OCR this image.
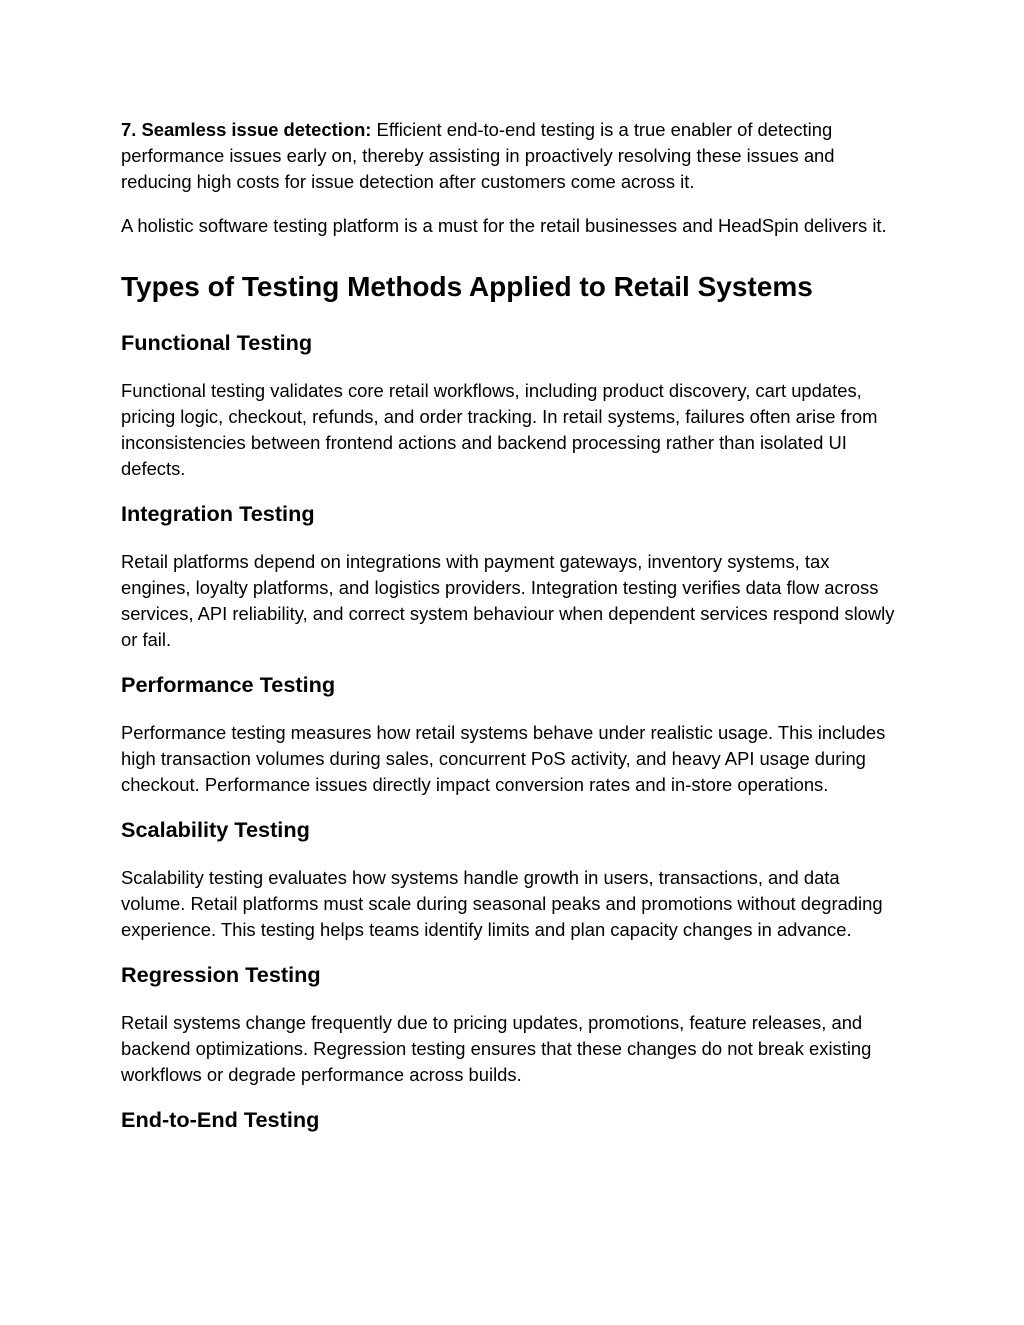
7. Seamless issue detection: Efficient end-to-end testing is a true enabler of detecting performance issues early on, thereby assisting in proactively resolving these issues and reducing high costs for issue detection after customers come across it.

A holistic software testing platform is a must for the retail businesses and HeadSpin delivers it.

Types of Testing Methods Applied to Retail Systems
Functional Testing

Functional testing validates core retail workflows, including product discovery, cart updates, pricing logic, checkout, refunds, and order tracking. In retail systems, failures often arise from inconsistencies between frontend actions and backend processing rather than isolated UI defects.

Integration Testing

Retail platforms depend on integrations with payment gateways, inventory systems, tax engines, loyalty platforms, and logistics providers. Integration testing verifies data flow across services, API reliability, and correct system behaviour when dependent services respond slowly or fail.

Performance Testing

Performance testing measures how retail systems behave under realistic usage. This includes high transaction volumes during sales, concurrent PoS activity, and heavy API usage during checkout. Performance issues directly impact conversion rates and in-store operations.

Scalability Testing

Scalability testing evaluates how systems handle growth in users, transactions, and data volume. Retail platforms must scale during seasonal peaks and promotions without degrading experience. This testing helps teams identify limits and plan capacity changes in advance.

Regression Testing

Retail systems change frequently due to pricing updates, promotions, feature releases, and backend optimizations. Regression testing ensures that these changes do not break existing workflows or degrade performance across builds.

End-to-End Testing
